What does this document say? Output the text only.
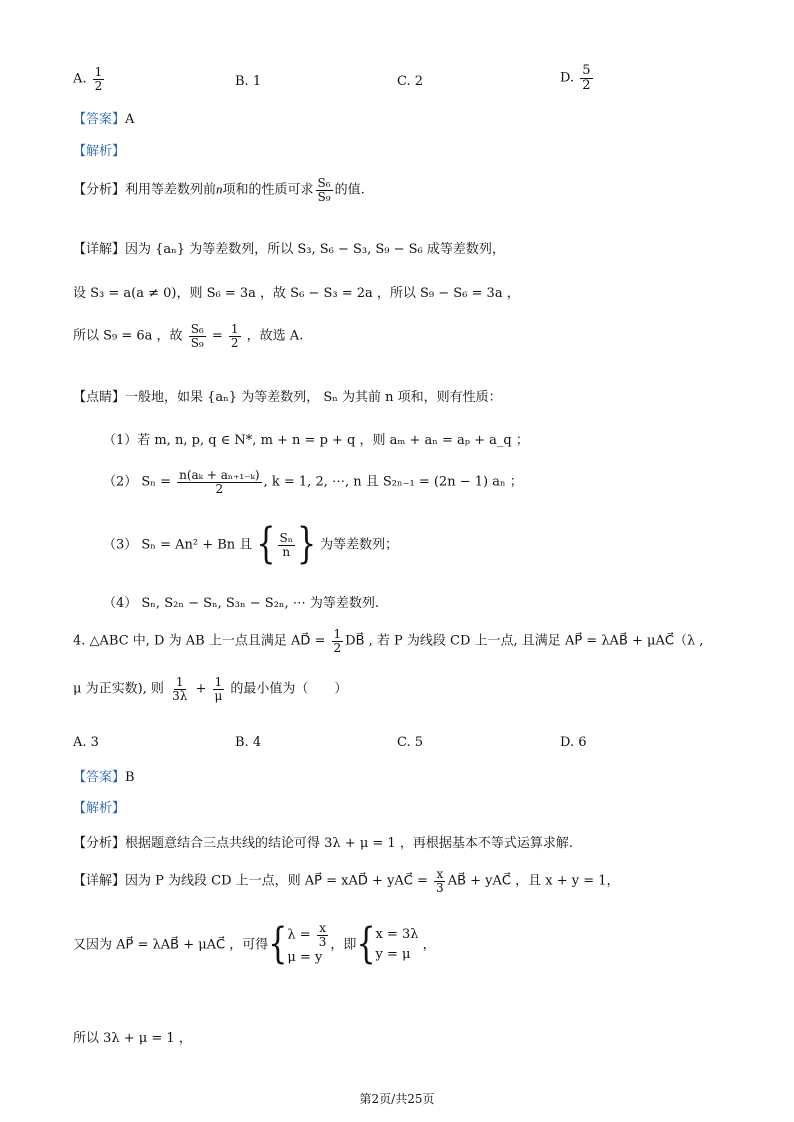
A. $\frac{1}{2}$	B. 1	C. 2	D. $\frac{5}{2}$
【答案】A
【解析】
【分析】利用等差数列前n项和的性质可求 $\frac{\text{S₆}}{\text{S₉}}$ 的值.
【详解】因为 {aₙ} 为等差数列，所以 S₃, S₆ − S₃, S₉ − S₆ 成等差数列，
设 S₃ = a(a ≠ 0)，则 S₆ = 3a ，故 S₆ − S₃ = 2a ，所以 S₉ − S₆ = 3a ，
所以 S₉ = 6a ，故 $\frac{\text{S₆}}{\text{S₉}} = \frac{1}{2}$ ，故选 A.
【点睛】一般地，如果 {aₙ} 为等差数列， Sₙ 为其前 n 项和，则有性质：
（1）若 m, n, p, q ∈ N*, m + n = p + q ，则 aₘ + aₙ = aₚ + a_q ；
（2） $S_n = \frac{\text{n(aₖ + aₙ₊₁₋ₖ)}}{2}$ , k = 1, 2, ⋯, n 且 S₂ₙ₋₁ = (2n − 1) aₙ ；
（3） Sₙ = An² + Bn 且 { $\frac{\text{Sₙ}}{n}$ } 为等差数列；
（4） Sₙ, S₂ₙ − Sₙ, S₃ₙ − S₂ₙ, ⋯ 为等差数列.
4. △ABC 中, D 为 AB 上一点且满足 AD⃗ = $\frac{1}{2}$ DB⃗ , 若 P 为线段 CD 上一点, 且满足 AP⃗ = λAB⃗ + μAC⃗（λ ,
μ 为正实数), 则 $\frac{1}{3\lambda} + \frac{1}{\mu}$ 的最小值为（　　）
A. 3	B. 4	C. 5	D. 6
【答案】B
【解析】
【分析】根据题意结合三点共线的结论可得 3λ + μ = 1 ，再根据基本不等式运算求解.
【详解】因为 P 为线段 CD 上一点，则 AP⃗ = xAD⃗ + yAC⃗ = $\frac{x}{3}$ AB⃗ + yAC⃗ ，且 x + y = 1，
又因为 AP⃗ = λAB⃗ + μAC⃗ ，可得{ $\lambda = \frac{x}{3}$
μ = y
，即{ x = 3λ
y = μ
，
所以 3λ + μ = 1 ，
第2页/共25页
